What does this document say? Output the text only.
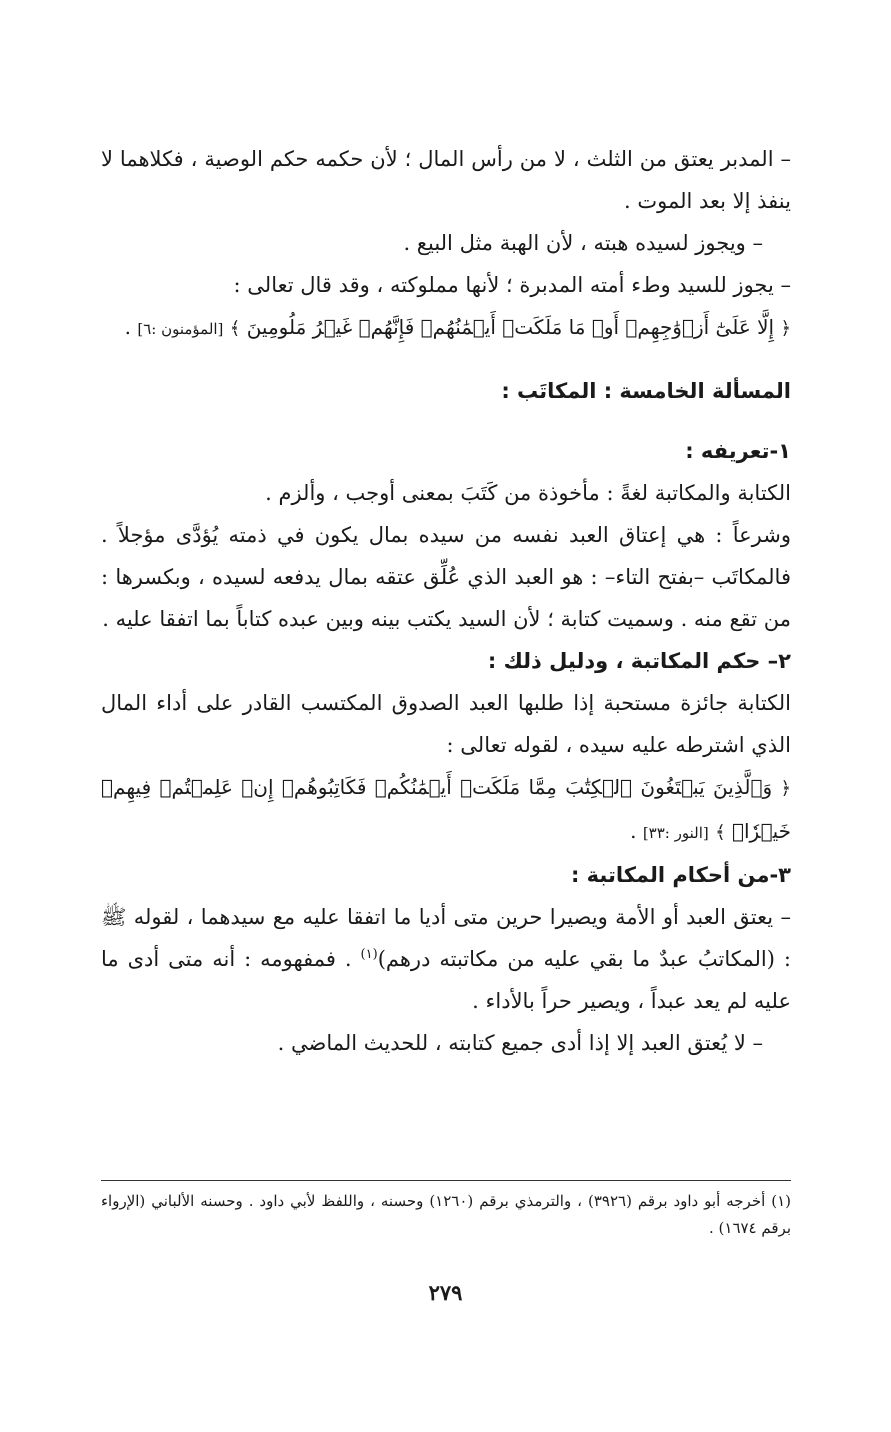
– المدبر يعتق من الثلث ، لا من رأس المال ؛ لأن حكمه حكم الوصية ، فكلاهما لا ينفذ إلا بعد الموت .

– ويجوز لسيده هبته ، لأن الهبة مثل البيع .

– يجوز للسيد وطء أمته المدبرة ؛ لأنها مملوكته ، وقد قال تعالى :

﴿ إِلَّا عَلَىٰٓ أَزۡوَٰجِهِمۡ أَوۡ مَا مَلَكَتۡ أَيۡمَٰنُهُمۡ فَإِنَّهُمۡ غَيۡرُ مَلُومِينَ ﴾ [المؤمنون :٦] .

المسألة الخامسة : المكاتَب :

١-تعريفه :

الكتابة والمكاتبة لغةً : مأخوذة من كَتَبَ بمعنى أوجب ، وألزم .

وشرعاً : هي إعتاق العبد نفسه من سيده بمال يكون في ذمته يُؤدَّى مؤجلاً . فالمكاتَب –بفتح التاء– : هو العبد الذي عُلِّق عتقه بمال يدفعه لسيده ، وبكسرها : من تقع منه . وسميت كتابة ؛ لأن السيد يكتب بينه وبين عبده كتاباً بما اتفقا عليه .

٢– حكم المكاتبة ، ودليل ذلك :

الكتابة جائزة مستحبة إذا طلبها العبد الصدوق المكتسب القادر على أداء المال الذي اشترطه عليه سيده ، لقوله تعالى :

﴿ وَٱلَّذِينَ يَبۡتَغُونَ ٱلۡكِتَٰبَ مِمَّا مَلَكَتۡ أَيۡمَٰنُكُمۡ فَكَاتِبُوهُمۡ إِنۡ عَلِمۡتُمۡ فِيهِمۡ خَيۡرٗاۖ ﴾ [النور :٣٣] .

٣-من أحكام المكاتبة :

– يعتق العبد أو الأمة ويصيرا حرين متى أديا ما اتفقا عليه مع سيدهما ، لقوله ﷺ : (المكاتبُ عبدٌ ما بقي عليه من مكاتبته درهم)$^{(١)}$ . فمفهومه : أنه متى أدى ما عليه لم يعد عبداً ، ويصير حراً بالأداء .

– لا يُعتق العبد إلا إذا أدى جميع كتابته ، للحديث الماضي .

(١) أخرجه أبو داود برقم (٣٩٢٦) ، والترمذي برقم (١٢٦٠) وحسنه ، واللفظ لأبي داود . وحسنه الألباني (الإرواء برقم ١٦٧٤) .

٢٧٩
